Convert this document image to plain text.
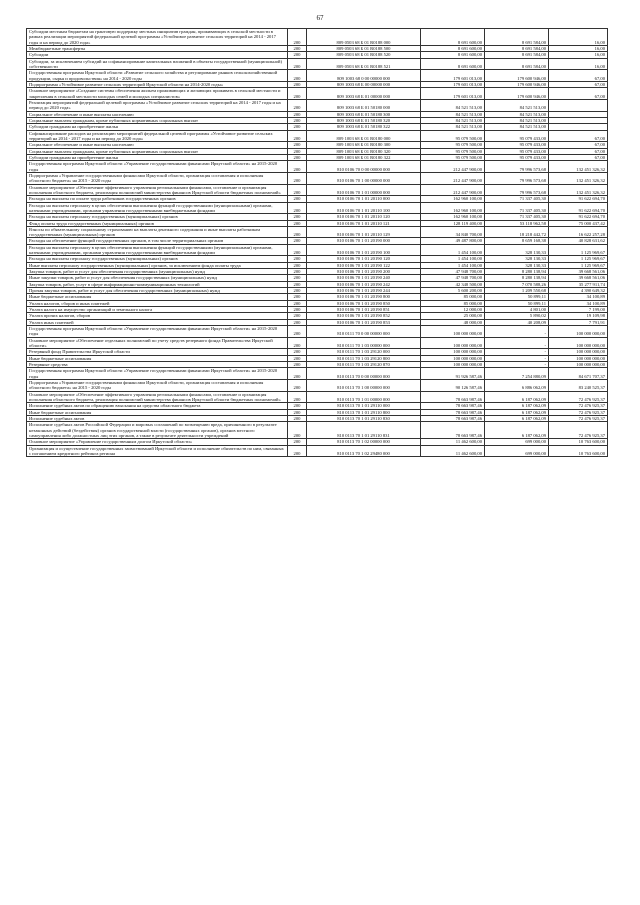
67
Субсидии местным бюджетам на грантовую поддержку местных инициатив граждан, проживающих в сельской местности в рамках реализации мероприятий федеральной целевой программы «Устойчивое развитие сельских территорий на 2014 - 2017 годы и на период до 2020 года»	200	809 0503 68 Б 01 R0188 000	8 691 600,00	8 691 584,00	16,00
Межбюджетные трансферты	200	809 0503 68 Б 01 R0188 500	8 691 600,00	8 691 584,00	16,00
Субсидии	200	809 0503 68 Б 01 R0188 520	8 691 600,00	8 691 584,00	16,00
Субсидии, за исключением субсидий на софинансирование капитальных вложений в объекты государственной (муниципальной) собственности	200	809 0503 68 Б 01 R0188 521	8 691 600,00	8 691 584,00	16,00
Государственная программа Иркутской области «Развитие сельского хозяйства и регулирование рынков сельскохозяйственной продукции, сырья и продовольствия» на 2014 - 2020 годы	200	809 1003 68 0 00 00000 000	179 601 013,00	179 600 946,00	67,00
Подпрограмма «Устойчивое развитие сельских территорий Иркутской области на 2014-2020 годы»	200	809 1003 68 Б 00 00000 000	179 601 013,00	179 600 946,00	67,00
Основное мероприятие «Создание системы обеспечения жильем проживающих и желающих проживать в сельской местности и закрепления в сельской местности молодых семей и молодых специалистов»	200	809 1003 68 Б 01 00000 000	179 601 013,00	179 600 946,00	67,00
Реализация мероприятий федеральной целевой программы «Устойчивое развитие сельских территорий на 2014 - 2017 годы и на период до 2020 года»	200	809 1003 68 Б 01 50180 000	84 521 513,00	84 521 513,00	
Социальное обеспечение и иные выплаты населению	200	809 1003 68 Б 01 50180 300	84 521 513,00	84 521 513,00	
Социальные выплаты гражданам, кроме публичных нормативных социальных выплат	200	809 1003 68 Б 01 50180 320	84 521 513,00	84 521 513,00	
Субсидии гражданам на приобретение жилья	200	809 1003 68 Б 01 50180 322	84 521 513,00	84 521 513,00	
Софинансирование расходов на реализацию мероприятий федеральной целевой программы «Устойчивое развитие сельских территорий на 2014 - 2017 годы и на период до 2020 года»	200	809 1003 68 Б 01 R0180 000	95 079 500,00	95 079 433,00	67,00
Социальное обеспечение и иные выплаты населению	200	809 1003 68 Б 01 R0180 300	95 079 500,00	95 079 433,00	67,00
Социальные выплаты гражданам, кроме публичных нормативных социальных выплат	200	809 1003 68 Б 01 R0180 320	95 079 500,00	95 079 433,00	67,00
Субсидии гражданам на приобретение жилья	200	809 1003 68 Б 01 R0180 322	95 079 500,00	95 079 433,00	67,00
Государственная программа Иркутской области «Управление государственными финансами Иркутской области» на 2015-2020 годы	200	810 0106 70 0 00 00000 000	212 447 900,00	79 996 573,68	132 451 326,32
Подпрограмма «Управление государственными финансами Иркутской области, организация составления и исполнения областного бюджета» на 2015 - 2020 годы	200	810 0106 70 1 00 00000 000	212 447 900,00	79 996 573,68	132 451 326,32
Основное мероприятие «Обеспечение эффективного управления региональными финансами, составление и организация исполнения областного бюджета, реализация полномочий министерства финансов Иркутской области бюджетных полномочий»	200	810 0106 70 1 01 00000 000	212 447 900,00	79 996 573,68	132 451 326,32
Расходы на выплаты по оплате труда работников государственных органов	200	810 0106 70 1 01 20110 000	162 960 100,00	71 337 405,30	91 622 694,70
Расходы на выплаты персоналу в целях обеспечения выполнения функций государственными (муниципальными) органами, казенными учреждениями, органами управления государственными внебюджетными фондами	200	810 0106 70 1 01 20110 100	162 960 100,00	71 337 405,30	91 622 694,70
Расходы на выплаты персоналу государственных (муниципальных) органов	200	810 0106 70 1 01 20110 120	162 960 100,00	71 337 405,30	91 622 694,70
Фонд оплаты труда государственных (муниципальных) органов	200	810 0106 70 1 01 20110 121	128 119 400,00	53 118 962,58	75 000 437,42
Взносы по обязательному социальному страхованию на выплаты денежного содержания и иные выплаты работникам государственных (муниципальных) органов	200	810 0106 70 1 01 20110 129	34 840 700,00	18 218 442,72	16 622 257,28
Расходы на обеспечение функций государственных органов, в том числе территориальных органов	200	810 0106 70 1 01 20190 000	49 487 800,00	8 659 168,38	40 828 631,62
Расходы на выплаты персоналу в целях обеспечения выполнения функций государственными (муниципальными) органами, казенными учреждениями, органами управления государственными внебюджетными фондами	200	810 0106 70 1 01 20190 100	1 454 100,00	328 130,33	1 125 969,67
Расходы на выплаты персоналу государственных (муниципальных) органов	200	810 0106 70 1 01 20190 120	1 454 100,00	328 130,33	1 125 969,67
Иные выплаты персоналу государственных (муниципальных) органов, за исключением фонда оплаты труда	200	810 0106 70 1 01 20190 122	1 454 100,00	328 130,33	1 125 969,67
Закупка товаров, работ и услуг для обеспечения государственных (муниципальных) нужд	200	810 0106 70 1 01 20190 200	47 948 700,00	8 280 138,94	39 668 561,06
Иные закупки товаров, работ и услуг для обеспечения государственных (муниципальных) нужд	200	810 0106 70 1 01 20190 240	47 948 700,00	8 280 138,94	39 668 561,06
Закупка товаров, работ, услуг в сфере информационно-коммуникационных технологий	200	810 0106 70 1 01 20190 242	42 348 500,00	7 070 588,26	35 277 911,74
Прочая закупка товаров, работ и услуг для обеспечения государственных (муниципальных) нужд	200	810 0106 70 1 01 20190 244	5 600 200,00	1 209 550,68	4 390 649,32
Иные бюджетные ассигнования	200	810 0106 70 1 01 20190 800	85 000,00	50 899,11	34 100,89
Уплата налогов, сборов и иных платежей	200	810 0106 70 1 01 20190 850	85 000,00	50 899,11	34 100,89
Уплата налога на имущество организаций и земельного налога	200	810 0106 70 1 01 20190 851	12 000,00	4 801,00	7 199,00
Уплата прочих налогов, сборов	200	810 0106 70 1 01 20190 852	25 000,00	5 890,02	19 109,98
Уплата иных платежей	200	810 0106 70 1 01 20190 853	48 000,00	40 208,09	7 791,91
Государственная программа Иркутской области «Управление государственными финансами Иркутской области» на 2015-2020 годы	200	810 0111 70 0 00 00000 000	100 000 000,00	-	100 000 000,00
Основное мероприятие «Обеспечение отдельных полномочий по учету средств резервного фонда Правительства Иркутской области»	200	810 0111 70 1 03 00000 000	100 000 000,00	-	100 000 000,00
Резервный фонд Правительства Иркутской области	200	810 0111 70 1 03 29120 000	100 000 000,00	-	100 000 000,00
Иные бюджетные ассигнования	200	810 0111 70 1 03 29120 800	100 000 000,00	-	100 000 000,00
Резервные средства	200	810 0111 70 1 03 29120 870	100 000 000,00	-	100 000 000,00
Государственная программа Иркутской области «Управление государственными финансами Иркутской области» на 2015-2020 годы	200	810 0113 70 0 00 00000 000	91 926 587,46	7 254 880,09	84 671 707,37
Подпрограмма «Управление государственными финансами Иркутской области, организация составления и исполнения областного бюджета» на 2015 - 2020 годы	200	810 0113 70 1 00 00000 000	90 126 587,46	6 886 062,09	83 240 525,37
Основное мероприятие «Обеспечение эффективного управления региональными финансами, составление и организация исполнения областного бюджета, реализация полномочий министерства финансов Иркутской области бюджетных полномочий»	200	810 0113 70 1 01 00000 000	78 663 987,46	6 187 062,09	72 476 925,37
Исполнение судебных актов по обращению взыскания на средства областного бюджета	200	810 0113 70 1 01 29110 000	78 663 987,46	6 187 062,09	72 476 925,37
Иные бюджетные ассигнования	200	810 0113 70 1 01 29110 800	78 663 987,46	6 187 062,09	72 476 925,37
Исполнение судебных актов	200	810 0113 70 1 01 29110 830	78 663 987,46	6 187 062,09	72 476 925,37
Исполнение судебных актов Российской Федерации и мировых соглашений по возмещению вреда, причиненного в результате незаконных действий (бездействия) органов государственной власти (государственных органов), органов местного самоуправления либо должностных лиц этих органов, а также в результате деятельности учреждений	200	810 0113 70 1 01 29110 831	78 663 987,46	6 187 062,09	72 476 925,37
Основное мероприятие «Управление государственным долгом Иркутской области»	200	810 0113 70 1 02 00000 000	11 462 600,00	699 000,00	10 763 600,00
Организация и осуществление государственных заимствований Иркутской области и исполнение обязательств по ним, связанных с погашением кредитного рейтинга региона	200	810 0113 70 1 02 29480 000	11 462 600,00	699 000,00	10 763 600,00
